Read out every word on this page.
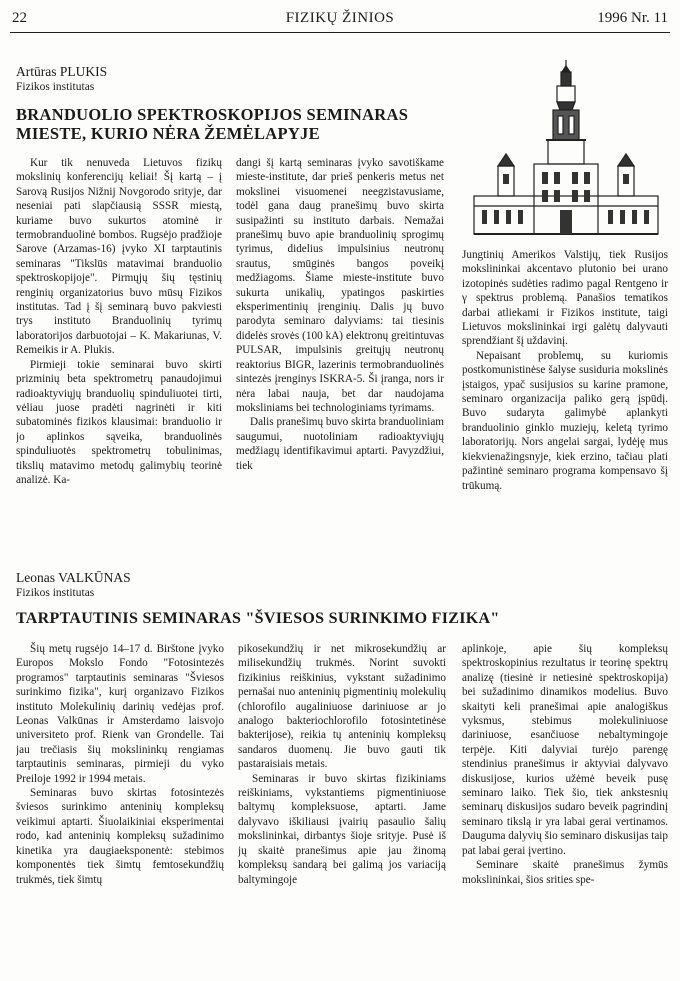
22	FIZIKŲ ŽINIOS	1996 Nr. 11
Artūras PLUKIS
Fizikos institutas
BRANDUOLIO SPEKTROSKOPIJOS SEMINARAS
MIESTE, KURIO NĖRA ŽEMĖLAPYJE

Kur tik nenuveda Lietuvos fizikų mokslinių konferencijų keliai! Šį kartą – į Sarovą Rusijos Nižnij Novgorodo srityje, dar neseniai pati slapčiausią SSSR miestą, kuriame buvo sukurtos atominė ir termobranduolinė bombos. Rugsėjo pradžioje Sarove (Arzamas-16) įvyko XI tarptautinis seminaras "Tikslūs matavimai branduolio spektroskopijoje". Pirmųjų šių tęstinių renginių organizatorius buvo mūsų Fizikos institutas. Tad į šį seminarą buvo pakviesti trys instituto Branduolinių tyrimų laboratorijos darbuotojai – K. Makariunas, V. Remeikis ir A. Plukis.

Pirmieji tokie seminarai buvo skirti prizminių beta spektrometrų panaudojimui radioaktyviųjų branduolių spinduliuotei tirti, vėliau juose pradėti nagrinėti ir kiti subatominės fizikos klausimai: branduolio ir jo aplinkos sąveika, branduolinės spinduliuotės spektrometrų tobulinimas, tikslių matavimo metodų galimybių teorinė analizė. Ka-

dangi šį kartą seminaras įvyko savotiškame mieste-institute, dar prieš penkeris metus net mokslinei visuomenei neegzistavusiame, todėl gana daug pranešimų buvo skirta susipažinti su instituto darbais. Nemažai pranešimų buvo apie branduolinių sprogimų tyrimus, didelius impulsinius neutronų srautus, smūginės bangos poveikį medžiagoms. Šiame mieste-institute buvo sukurta unikalių, ypatingos paskirties eksperimentinių įrenginių. Dalis jų buvo parodyta seminaro dalyviams: tai tiesinis didelės srovės (100 kA) elektronų greitintuvas PULSAR, impulsinis greitųjų neutronų reaktorius BIGR, lazerinis termobranduolinės sintezės įrenginys ISKRA-5. Ši įranga, nors ir nėra labai nauja, bet dar naudojama moksliniams bei technologiniams tyrimams.

Dalis pranešimų buvo skirta branduoliniam saugumui, nuotoliniam radioaktyviųjų medžiagų identifikavimui aptarti. Pavyzdžiui, tiek

Jungtinių Amerikos Valstijų, tiek Rusijos mokslininkai akcentavo plutonio bei urano izotopinės sudėties radimo pagal Rentgeno ir γ spektrus problemą. Panašios tematikos darbai atliekami ir Fizikos institute, taigi Lietuvos mokslininkai irgi galėtų dalyvauti sprendžiant šį uždavinį.

Nepaisant problemų, su kuriomis postkomunistinėse šalyse susiduria mokslinės įstaigos, ypač susijusios su karine pramone, seminaro organizacija paliko gerą įspūdį. Buvo sudaryta galimybė aplankyti branduolinio ginklo muziejų, keletą tyrimo laboratorijų. Nors angelai sargai, lydėję mus kiekvienažingsnyje, kiek erzino, tačiau plati pažintinė seminaro programa kompensavo šį trūkumą.

Leonas VALKŪNAS
Fizikos institutas
TARPTAUTINIS SEMINARAS "ŠVIESOS SURINKIMO FIZIKA"

Šių metų rugsėjo 14–17 d. Birštone įvyko Europos Mokslo Fondo "Fotosintezės programos" tarptautinis seminaras "Šviesos surinkimo fizika", kurį organizavo Fizikos instituto Molekulinių darinių vedėjas prof. Leonas Valkūnas ir Amsterdamo laisvojo universiteto prof. Rienk van Grondelle. Tai jau trečiasis šių mokslininkų rengiamas tarptautinis seminaras, pirmieji du vyko Preiloje 1992 ir 1994 metais.

Seminaras buvo skirtas fotosintezės šviesos surinkimo anteninių kompleksų veikimui aptarti. Šiuolaikiniai eksperimentai rodo, kad anteninių kompleksų sužadinimo kinetika yra daugiaeksponentė: stebimos komponentės tiek šimtų femtosekundžių trukmės, tiek šimtų

pikosekundžių ir net mikrosekundžių ar milisekundžių trukmės. Norint suvokti fizikinius reiškinius, vykstant sužadinimo pernašai nuo anteninių pigmentinių molekulių (chlorofilo augaliniuose dariniuose ar jo analogo bakteriochlorofilo fotosintetinėse bakterijose), reikia tų anteninių kompleksų sandaros duomenų. Jie buvo gauti tik pastaraisiais metais.

Seminaras ir buvo skirtas fizikiniams reiškiniams, vykstantiems pigmentiniuose baltymų kompleksuose, aptarti. Jame dalyvavo iškiliausi įvairių pasaulio šalių mokslininkai, dirbantys šioje srityje. Pusė iš jų skaitė pranešimus apie jau žinomą kompleksų sandarą bei galimą jos variaciją baltymingoje

aplinkoje, apie šių kompleksų spektroskopinius rezultatus ir teorinę spektrų analizę (tiesinė ir netiesinė spektroskopija) bei sužadinimo dinamikos modelius. Buvo skaityti keli pranešimai apie analogiškus vyksmus, stebimus molekuliniuose dariniuose, esančiuose nebaltymingoje terpėje. Kiti dalyviai turėjo parengę stendinius pranešimus ir aktyviai dalyvavo diskusijose, kurios užėmė beveik pusę seminaro laiko. Tiek šio, tiek ankstesnių seminarų diskusijos sudaro beveik pagrindinį seminaro tikslą ir yra labai gerai vertinamos. Dauguma dalyvių šio seminaro diskusijas taip pat labai gerai įvertino.

Seminare skaitė pranešimus žymūs mokslininkai, šios srities spe-
